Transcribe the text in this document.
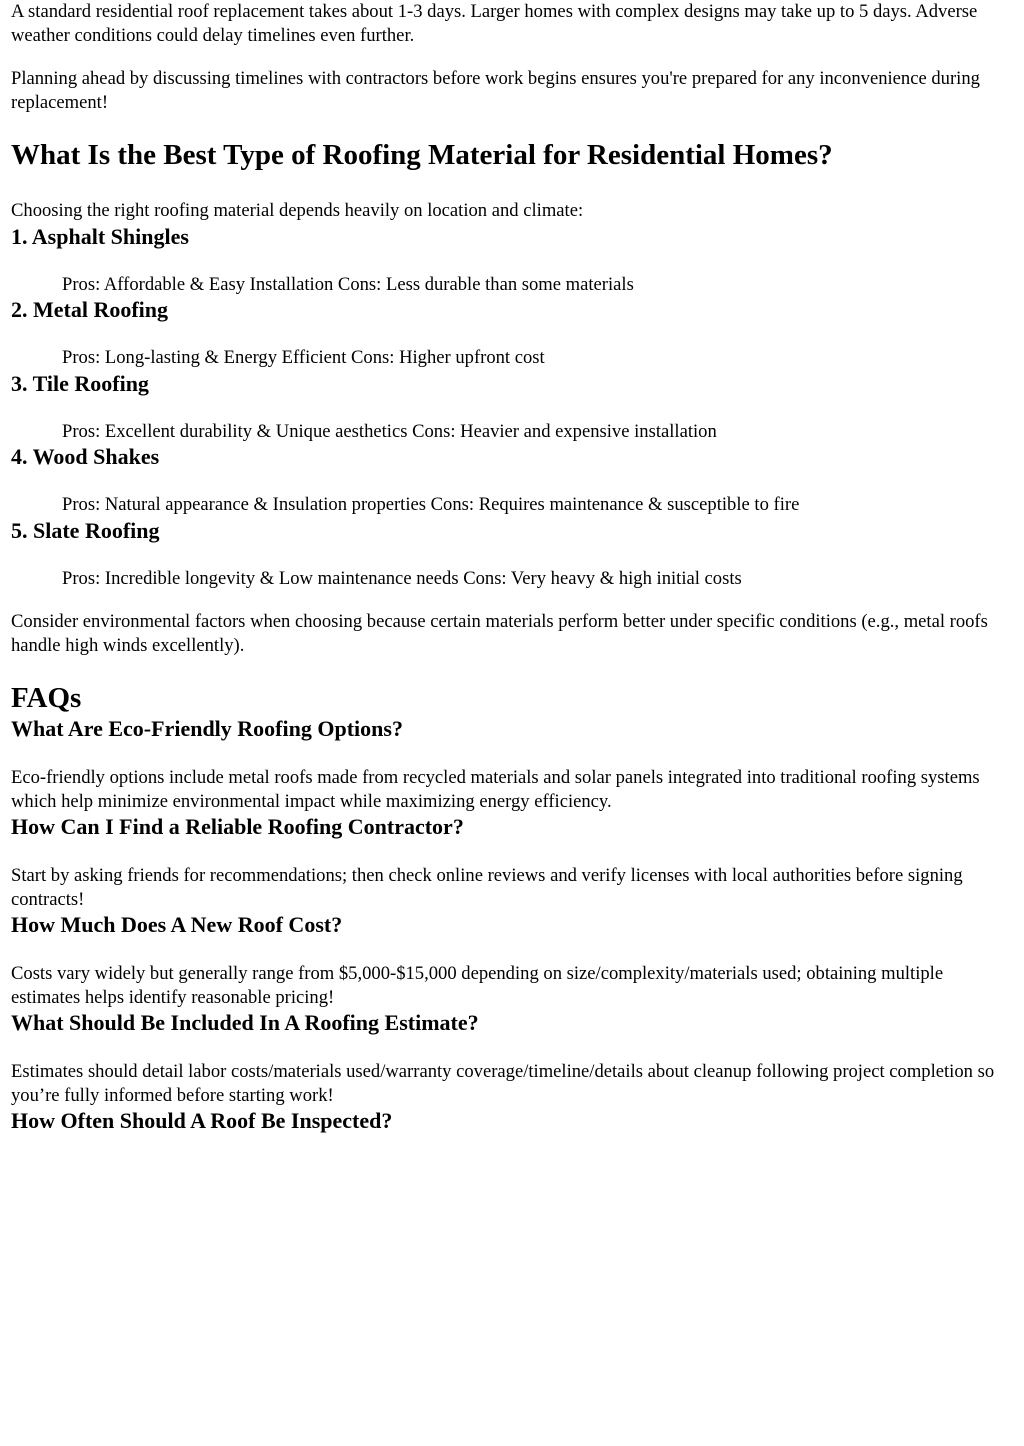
A standard residential roof replacement takes about 1-3 days. Larger homes with complex designs may take up to 5 days. Adverse weather conditions could delay timelines even further.

Planning ahead by discussing timelines with contractors before work begins ensures you're prepared for any inconvenience during replacement!

What Is the Best Type of Roofing Material for Residential Homes?

Choosing the right roofing material depends heavily on location and climate:

1. Asphalt Shingles
Pros: Affordable & Easy Installation Cons: Less durable than some materials
2. Metal Roofing
Pros: Long-lasting & Energy Efficient Cons: Higher upfront cost
3. Tile Roofing
Pros: Excellent durability & Unique aesthetics Cons: Heavier and expensive installation
4. Wood Shakes
Pros: Natural appearance & Insulation properties Cons: Requires maintenance & susceptible to fire
5. Slate Roofing
Pros: Incredible longevity & Low maintenance needs Cons: Very heavy & high initial costs

Consider environmental factors when choosing because certain materials perform better under specific conditions (e.g., metal roofs handle high winds excellently).

FAQs
What Are Eco-Friendly Roofing Options?

Eco-friendly options include metal roofs made from recycled materials and solar panels integrated into traditional roofing systems which help minimize environmental impact while maximizing energy efficiency.

How Can I Find a Reliable Roofing Contractor?

Start by asking friends for recommendations; then check online reviews and verify licenses with local authorities before signing contracts!

How Much Does A New Roof Cost?

Costs vary widely but generally range from $5,000-$15,000 depending on size/complexity/materials used; obtaining multiple estimates helps identify reasonable pricing!

What Should Be Included In A Roofing Estimate?

Estimates should detail labor costs/materials used/warranty coverage/timeline/details about cleanup following project completion so you’re fully informed before starting work!

How Often Should A Roof Be Inspected?
